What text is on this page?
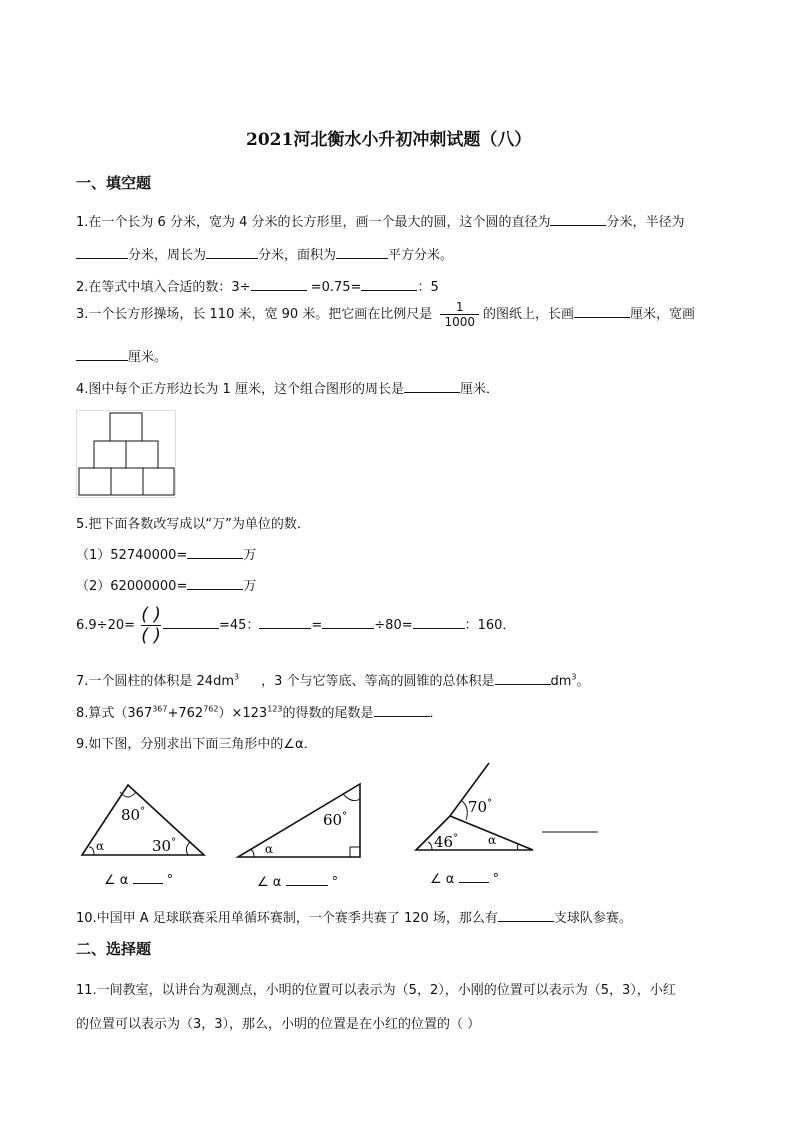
2021河北衡水小升初冲刺试题（八）
一、填空题
1.在一个长为 6 分米，宽为 4 分米的长方形里，画一个最大的圆，这个圆的直径为	分米，半径为
分米，周长为	分米，面积为	平方分米。
2.在等式中填入合适的数：3÷	=0.75=	：5
3.一个长方形操场，长 110 米，宽 90 米。把它画在比例尺是 $\frac{1}{1000}$ 的图纸上，长画	厘米，宽画
厘米。
4.图中每个正方形边长为 1 厘米，这个组合图形的周长是	厘米．
5.把下面各数改写成以“万”为单位的数．
（1）52740000=	万
（2）62000000=	万
6.9÷20=
( )
( )	=45：	=	÷80=	：160．
7.一个圆柱的体积是 $24dm^3$ ，3 个与它等底、等高的圆锥的总体积是	$dm^3$。
8.算式$(367^{367}+762^{762})\times 123^{123}$的得数的尾数是	．
9.如下图，分别求出下面三角形中的∠α．
80°
30°
α
60°
α
70°
46° α
∠ α	°	∠ α	°	∠ α	°
10.中国甲 A 足球联赛采用单循环赛制，一个赛季共赛了 120 场，那么有	支球队参赛。
二、选择题
11.一间教室，以讲台为观测点，小明的位置可以表示为（5，2），小刚的位置可以表示为（5，3），小红
的位置可以表示为（3，3），那么，小明的位置是在小红的位置的（ ）
